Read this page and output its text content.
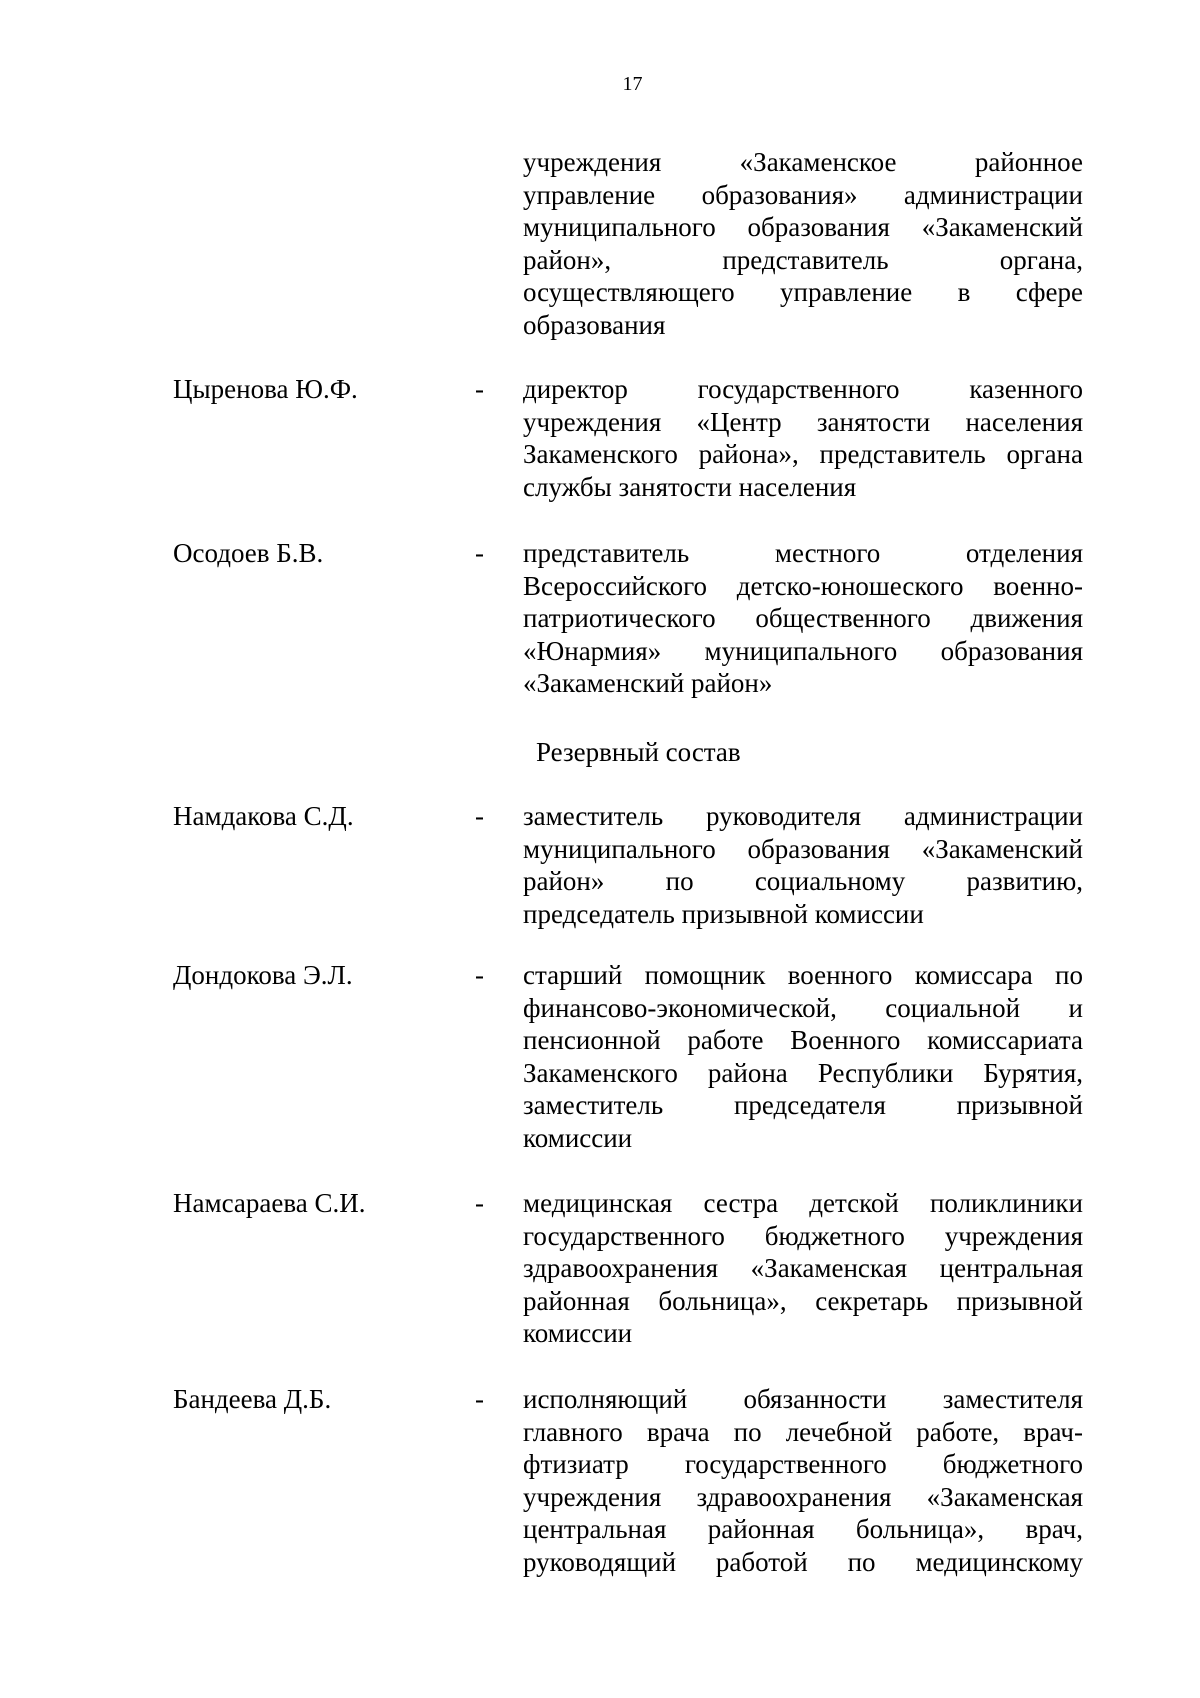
17
учреждения «Закаменское районное
управление образования» администрации
муниципального образования «Закаменский
район», представитель органа,
осуществляющего управление в сфере
образования
Цыренова Ю.Ф.	- директор государственного казенного
учреждения «Центр занятости населения
Закаменского района», представитель органа
службы занятости населения
Осодоев Б.В.	- представитель местного отделения
Всероссийского детско-юношеского военно-
патриотического общественного движения
«Юнармия» муниципального образования
«Закаменский район»
Резервный состав
Намдакова С.Д.	- заместитель руководителя администрации
муниципального образования «Закаменский
район» по социальному развитию,
председатель призывной комиссии
Дондокова Э.Л.	- старший помощник военного комиссара по
финансово-экономической, социальной и
пенсионной работе Военного комиссариата
Закаменского района Республики Бурятия,
заместитель председателя призывной
комиссии
Намсараева С.И.	- медицинская сестра детской поликлиники
государственного бюджетного учреждения
здравоохранения «Закаменская центральная
районная больница», секретарь призывной
комиссии
Бандеева Д.Б.	- исполняющий обязанности заместителя
главного врача по лечебной работе, врач-
фтизиатр государственного бюджетного
учреждения здравоохранения «Закаменская
центральная районная больница», врач,
руководящий работой по медицинскому
